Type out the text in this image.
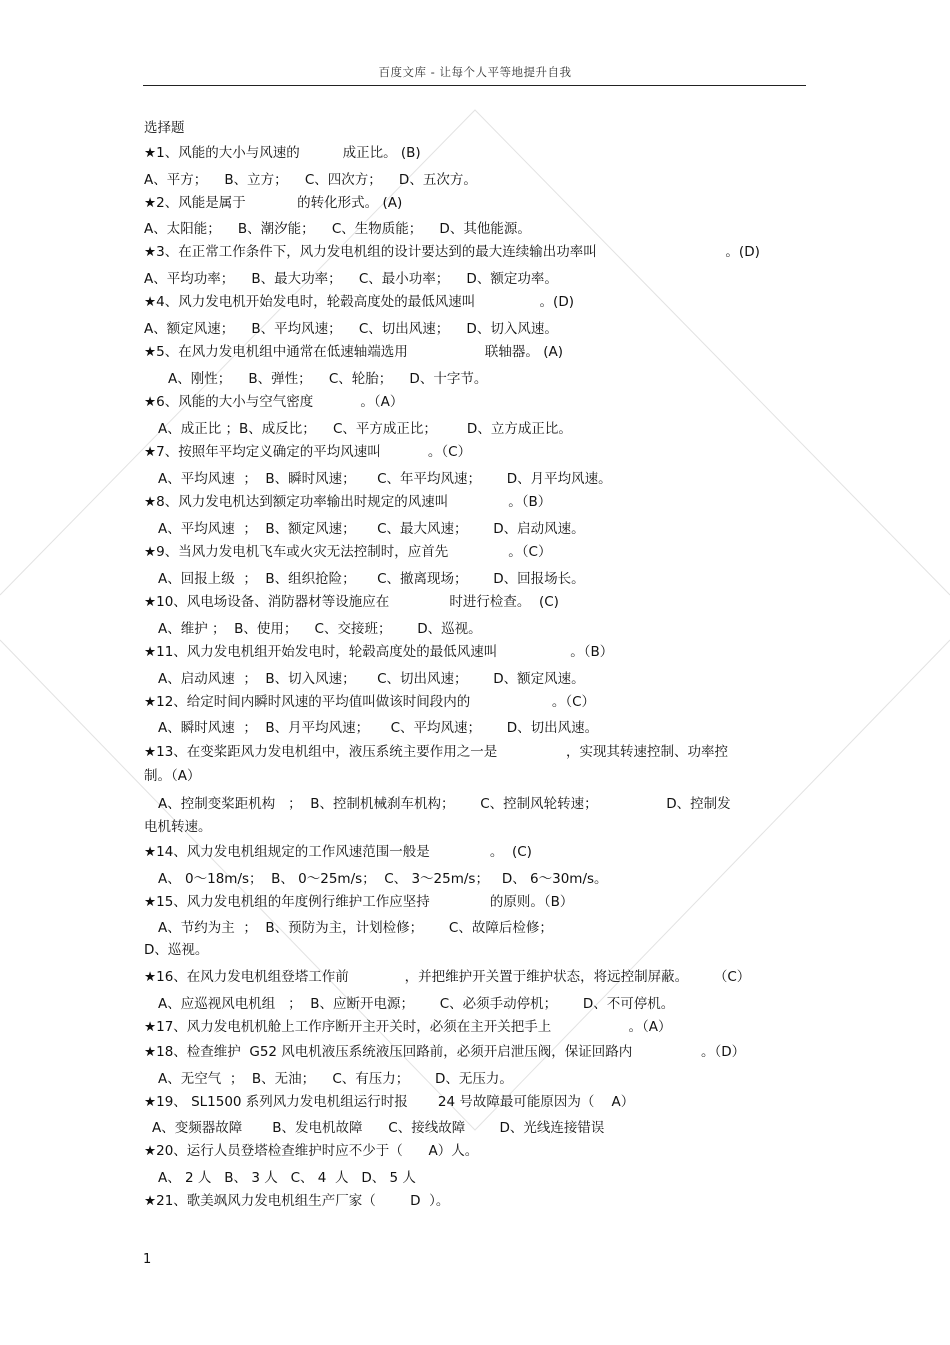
百度文库 - 让每个人平等地提升自我
选择题
★1、风能的大小与风速的          成正比。 (B)
A、平方；    B、立方；    C、四次方；    D、五次方。
★2、风能是属于            的转化形式。 (A)
A、太阳能；    B、潮汐能；    C、生物质能；    D、其他能源。
★3、在正常工作条件下，风力发电机组的设计要达到的最大连续输出功率叫                              。(D)
A、平均功率；    B、最大功率；    C、最小功率；    D、额定功率。
★4、风力发电机开始发电时，轮毂高度处的最低风速叫               。(D)
A、额定风速；    B、平均风速；    C、切出风速；    D、切入风速。
★5、在风力发电机组中通常在低速轴端选用                  联轴器。 (A)
A、刚性；    B、弹性；    C、轮胎；    D、十字节。
★6、风能的大小与空气密度           。（A）
A、成正比 ；B、成反比；    C、平方成正比；       D、立方成正比。
★7、按照年平均定义确定的平均风速叫           。（C）
A、平均风速  ；  B、瞬时风速；     C、年平均风速；      D、月平均风速。
★8、风力发电机达到额定功率输出时规定的风速叫              。（B）
A、平均风速  ；  B、额定风速；     C、最大风速；      D、启动风速。
★9、当风力发电机飞车或火灾无法控制时，应首先              。（C）
A、回报上级  ；  B、组织抢险；     C、撤离现场；      D、回报场长。
★10、风电场设备、消防器材等设施应在              时进行检查。  (C)
A、维护 ；  B、使用；    C、交接班；      D、巡视。
★11、风力发电机组开始发电时，轮毂高度处的最低风速叫                 。（B）
A、启动风速  ；  B、切入风速；     C、切出风速；      D、额定风速。
★12、给定时间内瞬时风速的平均值叫做该时间段内的                   。（C）
A、瞬时风速  ；  B、月平均风速；     C、平均风速；      D、切出风速。
★13、在变桨距风力发电机组中，液压系统主要作用之一是                ，实现其转速控制、功率控
制。（A）
A、控制变桨距机构   ；  B、控制机械刹车机构；      C、控制风轮转速；                D、控制发
电机转速。
★14、风力发电机组规定的工作风速范围一般是              。  (C)
A、 0～18m/s；  B、 0～25m/s；  C、 3～25m/s；   D、 6～30m/s。
★15、风力发电机组的年度例行维护工作应坚持              的原则。（B）
A、节约为主  ；  B、预防为主，计划检修；      C、故障后检修；
D、巡视。
★16、在风力发电机组登塔工作前             ，并把维护开关置于维护状态，将远控制屏蔽。      （C）
A、应巡视风电机组   ；  B、应断开电源；      C、必须手动停机；      D、不可停机。
★17、风力发电机机舱上工作序断开主开关时，必须在主开关把手上                  。（A）
★18、检查维护  G52 风电机液压系统液压回路前，必须开启泄压阀，保证回路内                。（D）
A、无空气  ；  B、无油；    C、有压力；      D、无压力。
★19、 SL1500 系列风力发电机组运行时报       24 号故障最可能原因为（    A）
A、变频器故障       B、发电机故障      C、接线故障        D、光线连接错误
★20、运行人员登塔检查维护时应不少于（      A）人。
A、 2 人   B、 3 人   C、 4  人   D、 5 人
★21、歌美飒风力发电机组生产厂家（        D  ）。
1
